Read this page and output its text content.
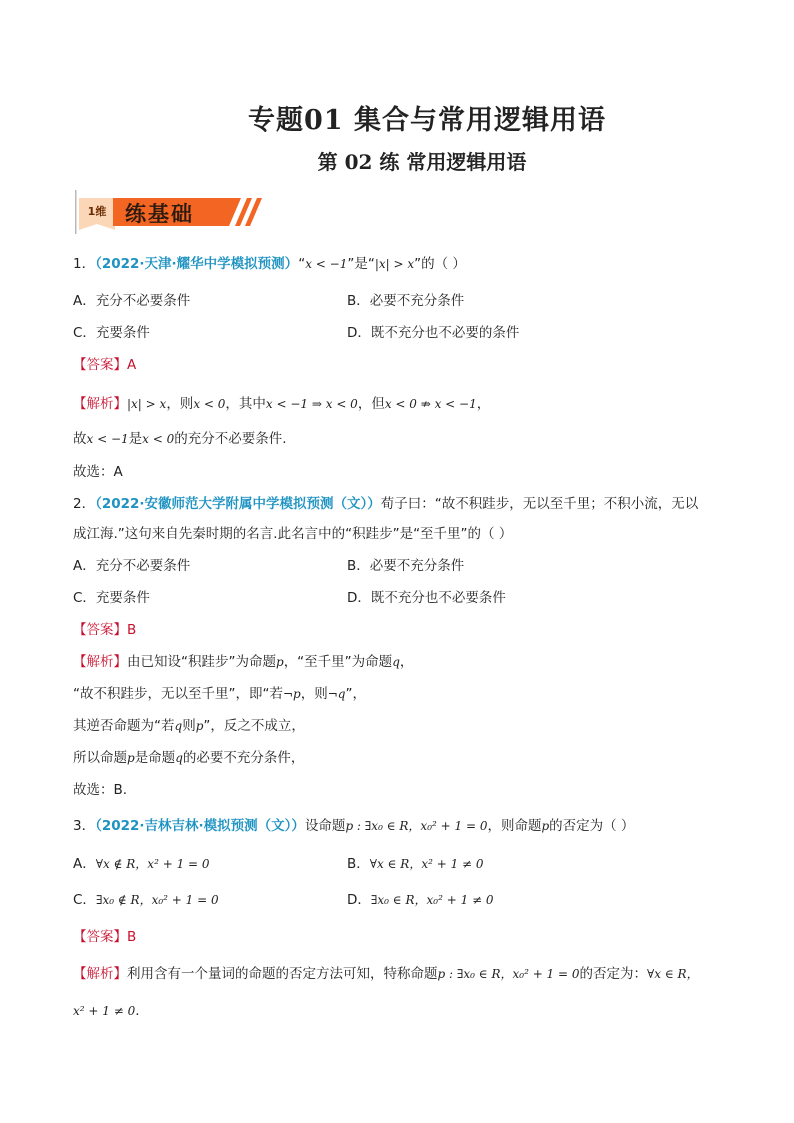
专题01 集合与常用逻辑用语
第 02 练 常用逻辑用语
1维 练基础
1．（2022·天津·耀华中学模拟预测）“x < −1”是“|x| > x”的（ ）
A．充分不必要条件	B．必要不充分条件
C．充要条件	D．既不充分也不必要的条件
【答案】A
【解析】|x| > x，则x < 0，其中x < −1 ⇒ x < 0，但x < 0 ⇏ x < −1，
故x < −1是x < 0的充分不必要条件.
故选：A
2．（2022·安徽师范大学附属中学模拟预测（文））荀子曰：“故不积跬步，无以至千里；不积小流，无以
成江海.”这句来自先秦时期的名言.此名言中的“积跬步”是“至千里”的（ ）
A．充分不必要条件	B．必要不充分条件
C．充要条件	D．既不充分也不必要条件
【答案】B
【解析】由已知设“积跬步”为命题p，“至千里”为命题q，
“故不积跬步，无以至千里”，即“若¬p，则¬q”，
其逆否命题为“若q则p”，反之不成立，
所以命题p是命题q的必要不充分条件，
故选：B.
3．（2022·吉林吉林·模拟预测（文））设命题p : ∃x₀ ∈ R，x₀² + 1 = 0，则命题p的否定为（ ）
A．∀x ∉ R，x² + 1 = 0	B．∀x ∈ R，x² + 1 ≠ 0
C．∃x₀ ∉ R，x₀² + 1 = 0	D．∃x₀ ∈ R，x₀² + 1 ≠ 0
【答案】B
【解析】利用含有一个量词的命题的否定方法可知，特称命题p : ∃x₀ ∈ R，x₀² + 1 = 0的否定为：∀x ∈ R，
x² + 1 ≠ 0.
